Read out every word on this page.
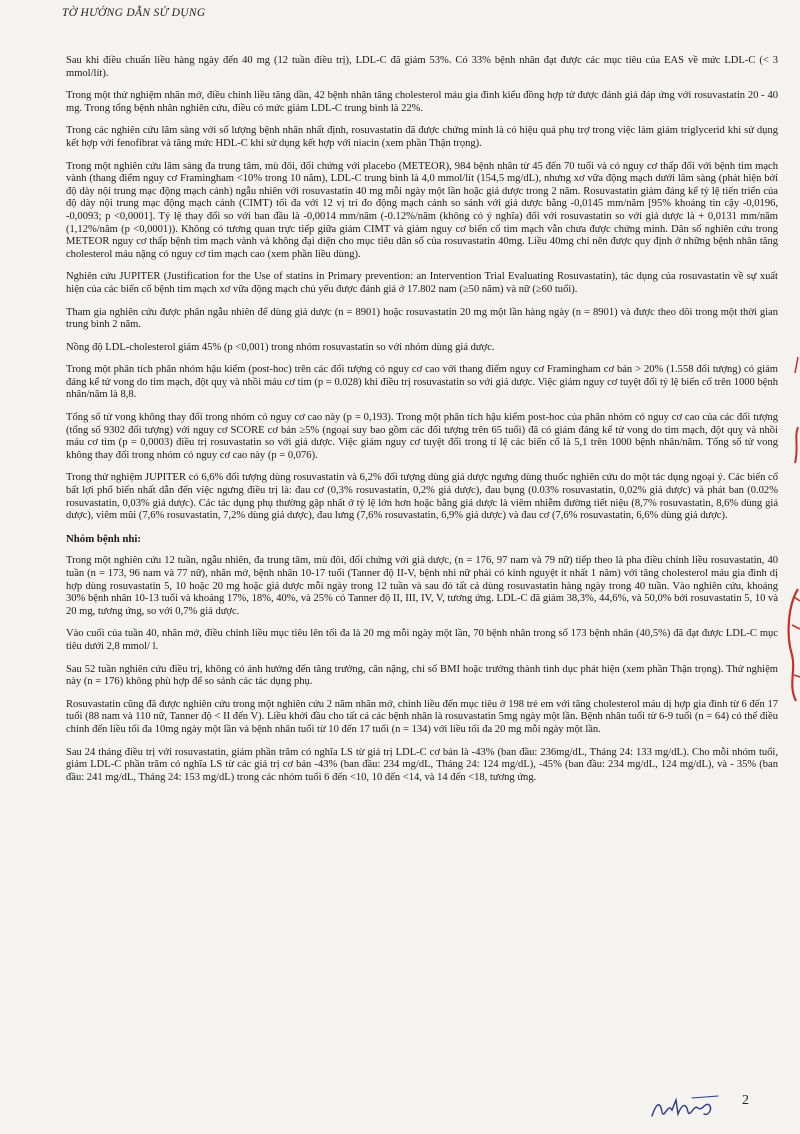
TỜ HƯỚNG DẪN SỬ DỤNG

Sau khi điều chuẩn liều hàng ngày đến 40 mg (12 tuần điều trị), LDL-C đã giảm 53%. Có 33% bệnh nhân đạt được các mục tiêu của EAS về mức LDL-C (< 3 mmol/lít).

Trong một thử nghiệm nhãn mở, điều chỉnh liều tăng dần, 42 bệnh nhân tăng cholesterol máu gia đình kiểu đồng hợp tử được đánh giá đáp ứng với rosuvastatin 20 - 40 mg. Trong tổng bệnh nhân nghiên cứu, điều có mức giảm LDL-C trung bình là 22%.

Trong các nghiên cứu lâm sàng với số lượng bệnh nhân nhất định, rosuvastatin đã được chứng minh là có hiệu quả phụ trợ trong việc làm giảm triglycerid khi sử dụng kết hợp với fenofibrat và tăng mức HDL-C khi sử dụng kết hợp với niacin (xem phần Thận trọng).

Trong một nghiên cứu lâm sàng đa trung tâm, mù đôi, đối chứng với placebo (METEOR), 984 bệnh nhân từ 45 đến 70 tuổi và có nguy cơ thấp đối với bệnh tim mạch vành (thang điểm nguy cơ Framingham <10% trong 10 năm), LDL-C trung bình là 4,0 mmol/lít (154,5 mg/dL), nhưng xơ vữa động mạch dưới lâm sàng (phát hiện bởi độ dày nội trung mạc động mạch cảnh) ngẫu nhiên với rosuvastatin 40 mg mỗi ngày một lần hoặc giả dược trong 2 năm. Rosuvastatin giảm đáng kể tỷ lệ tiến triển của độ dày nội trung mạc động mạch cảnh (CIMT) tối đa với 12 vị trí đo động mạch cảnh so sánh với giả dược bằng -0,0145 mm/năm [95% khoảng tin cậy -0,0196, -0,0093; p <0,0001]. Tỷ lệ thay đổi so với ban đầu là -0,0014 mm/năm (-0.12%/năm (không có ý nghĩa) đối với rosuvastatin so với giả dược là + 0,0131 mm/năm (1,12%/năm (p <0,0001)). Không có tương quan trực tiếp giữa giảm CIMT và giảm nguy cơ biến cố tim mạch vẫn chưa được chứng minh. Dân số nghiên cứu trong METEOR nguy cơ thấp bệnh tim mạch vành và không đại diện cho mục tiêu dân số của rosuvastatin 40mg. Liều 40mg chỉ nên được quy định ở những bệnh nhân tăng cholesterol máu nặng có nguy cơ tim mạch cao (xem phần liều dùng).

Nghiên cứu JUPITER (Justification for the Use of statins in Primary prevention: an Intervention Trial Evaluating Rosuvastatin), tác dụng của rosuvastatin về sự xuất hiện của các biến cố bệnh tim mạch xơ vữa động mạch chủ yếu được đánh giá ở 17.802 nam (≥50 năm) và nữ (≥60 tuổi).

Tham gia nghiên cứu được phân ngẫu nhiên để dùng giả dược (n = 8901) hoặc rosuvastatin 20 mg một lần hàng ngày (n = 8901) và được theo dõi trong một thời gian trung bình 2 năm.

Nồng độ LDL-cholesterol giảm 45% (p <0,001) trong nhóm rosuvastatin so với nhóm dùng giả dược.

Trong một phân tích phân nhóm hậu kiểm (post-hoc) trên các đối tượng có nguy cơ cao với thang điểm nguy cơ Framingham cơ bản > 20% (1.558 đối tượng) có giảm đáng kể tử vong do tim mạch, đột quỵ và nhồi máu cơ tim (p = 0.028) khi điều trị rosuvastatin so với giả dược. Việc giảm nguy cơ tuyệt đối tỷ lệ biến cố trên 1000 bệnh nhân/năm là 8,8.

Tổng số tử vong không thay đổi trong nhóm có nguy cơ cao này (p = 0,193). Trong một phân tích hậu kiểm post-hoc của phân nhóm có nguy cơ cao của các đối tượng (tổng số 9302 đối tượng) với nguy cơ SCORE cơ bản ≥5% (ngoại suy bao gồm các đối tượng trên 65 tuổi) đã có giảm đáng kể tử vong do tim mạch, đột quỵ và nhồi máu cơ tim (p = 0,0003) điều trị rosuvastatin so với giả dược. Việc giảm nguy cơ tuyệt đối trong tỉ lệ các biến cố là 5,1 trên 1000 bệnh nhân/năm. Tổng số tử vong không thay đổi trong nhóm có nguy cơ cao này (p = 0,076).

Trong thử nghiệm JUPITER có 6,6% đối tượng dùng rosuvastatin và 6,2% đối tượng dùng giả dược ngưng dùng thuốc nghiên cứu do một tác dụng ngoại ý. Các biến cố bất lợi phổ biến nhất dẫn đến việc ngưng điều trị là: đau cơ (0,3% rosuvastatin, 0,2% giả dược), đau bụng (0.03% rosuvastatin, 0,02% giả dược) và phát ban (0.02% rosuvastatin, 0,03% giả dược). Các tác dụng phụ thường gặp nhất ở tỷ lệ lớn hơn hoặc bằng giả dược là viêm nhiễm đường tiết niệu (8,7% rosuvastatin, 8,6% dùng giả dược), viêm mũi (7,6% rosuvastatin, 7,2% dùng giả dược), đau lưng (7,6% rosuvastatin, 6,9% giả dược) và đau cơ (7,6% rosuvastatin, 6,6% dùng giả dược).

Nhóm bệnh nhi:

Trong một nghiên cứu 12 tuần, ngẫu nhiên, đa trung tâm, mù đôi, đối chứng với giả dược, (n = 176, 97 nam và 79 nữ) tiếp theo là pha điều chỉnh liều rosuvastatin, 40 tuần (n = 173, 96 nam và 77 nữ), nhãn mở, bệnh nhân 10-17 tuổi (Tanner độ II-V, bệnh nhi nữ phải có kinh nguyệt ít nhất 1 năm) với tăng cholesterol máu gia đình dị hợp dùng rosuvastatin 5, 10 hoặc 20 mg hoặc giả dược mỗi ngày trong 12 tuần và sau đó tất cả dùng rosuvastatin hàng ngày trong 40 tuần. Vào nghiên cứu, khoảng 30% bệnh nhân 10-13 tuổi và khoảng 17%, 18%, 40%, và 25% có Tanner độ II, III, IV, V, tương ứng. LDL-C đã giảm 38,3%, 44,6%, và 50,0% bởi rosuvastatin 5, 10 và 20 mg, tương ứng, so với 0,7% giả dược.

Vào cuối của tuần 40, nhãn mở, điều chỉnh liều mục tiêu lên tối đa là 20 mg mỗi ngày một lần, 70 bệnh nhân trong số 173 bệnh nhân (40,5%) đã đạt được LDL-C mục tiêu dưới 2,8 mmol/ l.

Sau 52 tuần nghiên cứu điều trị, không có ảnh hưởng đến tăng trưởng, cân nặng, chỉ số BMI hoặc trưởng thành tình dục phát hiện (xem phần Thận trọng). Thử nghiệm này (n = 176) không phù hợp để so sánh các tác dụng phụ.

Rosuvastatin cũng đã được nghiên cứu trong một nghiên cứu 2 năm nhãn mở, chỉnh liều đến mục tiêu ở 198 trẻ em với tăng cholesterol máu dị hợp gia đình từ 6 đến 17 tuổi (88 nam và 110 nữ, Tanner độ < II đến V). Liều khởi đầu cho tất cả các bệnh nhân là rosuvastatin 5mg ngày một lần. Bệnh nhân tuổi từ 6-9 tuổi (n = 64) có thể điều chỉnh đến liều tối đa 10mg ngày một lần và bệnh nhân tuổi từ 10 đến 17 tuổi (n = 134) với liều tối đa 20 mg mỗi ngày một lần.

Sau 24 tháng điều trị với rosuvastatin, giảm phần trăm có nghĩa LS từ giá trị LDL-C cơ bản là -43% (ban đầu: 236mg/dL, Tháng 24: 133 mg/dL). Cho mỗi nhóm tuổi, giảm LDL-C phần trăm có nghĩa LS từ các giá trị cơ bản -43% (ban đầu: 234 mg/dL, Tháng 24: 124 mg/dL), -45% (ban đầu: 234 mg/dL, 124 mg/dL), và - 35% (ban đầu: 241 mg/dL, Tháng 24: 153 mg/dL) trong các nhóm tuổi 6 đến <10, 10 đến <14, và 14 đến <18, tương ứng.

2
